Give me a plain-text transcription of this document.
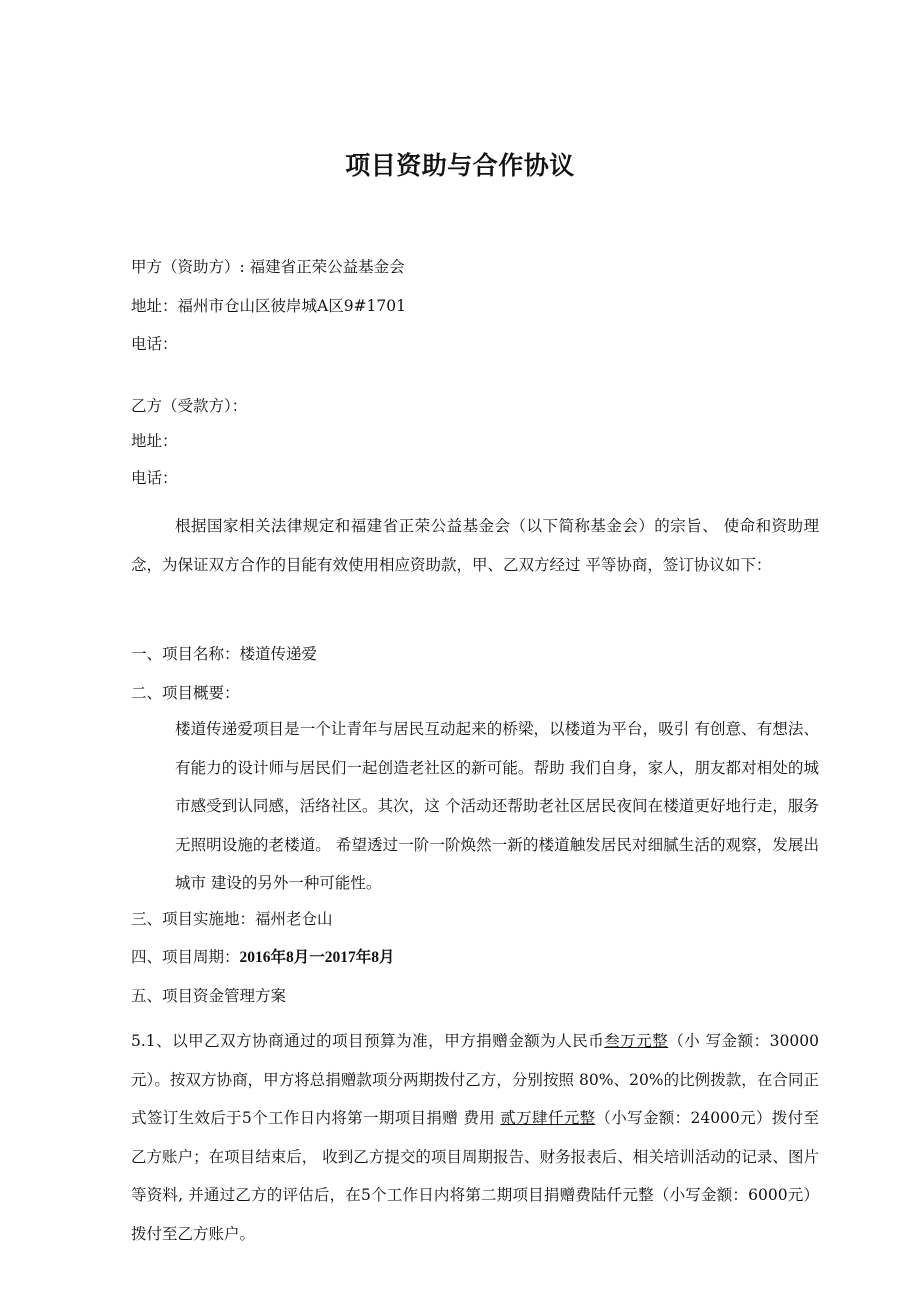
项目资助与合作协议
甲方（资助方）: 福建省正荣公益基金会
地址：福州市仓山区彼岸城A区9#1701
电话：
乙方（受款方）：
地址：
电话：
根据国家相关法律规定和福建省正荣公益基金会（以下简称基金会）的宗旨、 使命和资助理念，为保证双方合作的目能有效使用相应资助款，甲、乙双方经过 平等协商，签订协议如下：
一、项目名称：楼道传递爱
二、项目概要：
楼道传递爱项目是一个让青年与居民互动起来的桥梁，以楼道为平台，吸引 有创意、有想法、有能力的设计师与居民们一起创造老社区的新可能。帮助 我们自身，家人，朋友都对相处的城市感受到认同感，活络社区。其次，这 个活动还帮助老社区居民夜间在楼道更好地行走，服务无照明设施的老楼道。 希望透过一阶一阶焕然一新的楼道触发居民对细腻生活的观察，发展出城市 建设的另外一种可能性。
三、项目实施地：福州老仓山
四、项目周期：2016年8月一2017年8月
五、项目资金管理方案
5.1、以甲乙双方协商通过的项目预算为准，甲方捐赠金额为人民币叁万元整（小 写金额：30000元）。按双方协商，甲方将总捐赠款项分两期拨付乙方，分别按照 80%、20%的比例拨款，在合同正式签订生效后于5个工作日内将第一期项目捐赠 费用 贰万肆仟元整（小写金额：24000元）拨付至乙方账户；在项目结束后， 收到乙方提交的项目周期报告、财务报表后、相关培训活动的记录、图片等资料, 并通过乙方的评估后，在5个工作日内将第二期项目捐赠费陆仟元整（小写金额：6000元）拨付至乙方账户。
